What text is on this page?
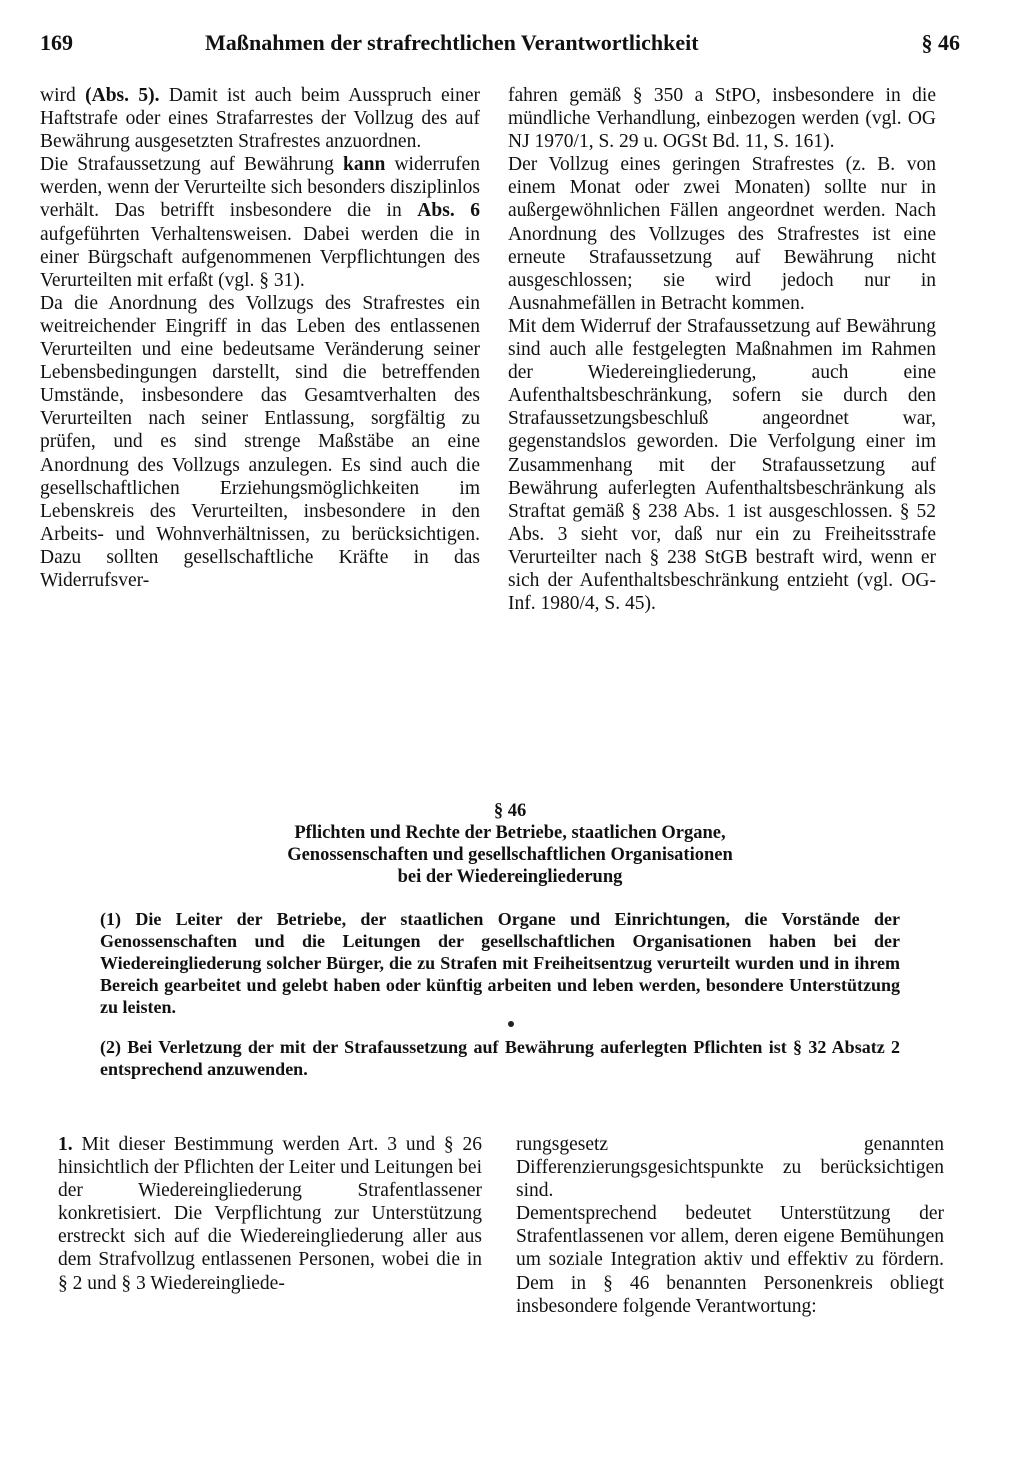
169	Maßnahmen der strafrechtlichen Verantwortlichkeit	§ 46

wird (Abs. 5). Damit ist auch beim Ausspruch einer Haftstrafe oder eines Strafarrestes der Vollzug des auf Bewährung ausgesetzten Strafrestes anzuordnen.

Die Strafaussetzung auf Bewährung kann widerrufen werden, wenn der Verurteilte sich besonders disziplinlos verhält. Das betrifft insbesondere die in Abs. 6 aufgeführten Verhaltensweisen. Dabei werden die in einer Bürgschaft aufgenommenen Verpflichtungen des Verurteilten mit erfaßt (vgl. § 31).

Da die Anordnung des Vollzugs des Strafrestes ein weitreichender Eingriff in das Leben des entlassenen Verurteilten und eine bedeutsame Veränderung seiner Lebensbedingungen darstellt, sind die betreffenden Umstände, insbesondere das Gesamtverhalten des Verurteilten nach seiner Entlassung, sorgfältig zu prüfen, und es sind strenge Maßstäbe an eine Anordnung des Vollzugs anzulegen. Es sind auch die gesellschaftlichen Erziehungsmöglichkeiten im Lebenskreis des Verurteilten, insbesondere in den Arbeits- und Wohnverhältnissen, zu berücksichtigen. Dazu sollten gesellschaftliche Kräfte in das Widerrufsver-

fahren gemäß § 350 a StPO, insbesondere in die mündliche Verhandlung, einbezogen werden (vgl. OG NJ 1970/1, S. 29 u. OGSt Bd. 11, S. 161).

Der Vollzug eines geringen Strafrestes (z. B. von einem Monat oder zwei Monaten) sollte nur in außergewöhnlichen Fällen angeordnet werden. Nach Anordnung des Vollzuges des Strafrestes ist eine erneute Strafaussetzung auf Bewährung nicht ausgeschlossen; sie wird jedoch nur in Ausnahmefällen in Betracht kommen.

Mit dem Widerruf der Strafaussetzung auf Bewährung sind auch alle festgelegten Maßnahmen im Rahmen der Wiedereingliederung, auch eine Aufenthaltsbeschränkung, sofern sie durch den Strafaussetzungsbeschluß angeordnet war, gegenstandslos geworden. Die Verfolgung einer im Zusammenhang mit der Strafaussetzung auf Bewährung auferlegten Aufenthaltsbeschränkung als Straftat gemäß § 238 Abs. 1 ist ausgeschlossen. § 52 Abs. 3 sieht vor, daß nur ein zu Freiheitsstrafe Verurteilter nach § 238 StGB bestraft wird, wenn er sich der Aufenthaltsbeschränkung entzieht (vgl. OG-Inf. 1980/4, S. 45).

§ 46
Pflichten und Rechte der Betriebe, staatlichen Organe,
Genossenschaften und gesellschaftlichen Organisationen
bei der Wiedereingliederung

(1) Die Leiter der Betriebe, der staatlichen Organe und Einrichtungen, die Vorstände der Genossenschaften und die Leitungen der gesellschaftlichen Organisationen haben bei der Wiedereingliederung solcher Bürger, die zu Strafen mit Freiheitsentzug verurteilt wurden und in ihrem Bereich gearbeitet und gelebt haben oder künftig arbeiten und leben werden, besondere Unterstützung zu leisten.

(2) Bei Verletzung der mit der Strafaussetzung auf Bewährung auferlegten Pflichten ist § 32 Absatz 2 entsprechend anzuwenden.

1. Mit dieser Bestimmung werden Art. 3 und § 26 hinsichtlich der Pflichten der Leiter und Leitungen bei der Wiedereingliederung Strafentlassener konkretisiert. Die Verpflichtung zur Unterstützung erstreckt sich auf die Wiedereingliederung aller aus dem Strafvollzug entlassenen Personen, wobei die in § 2 und § 3 Wiedereingliede-

rungsgesetz genannten Differenzierungsgesichtspunkte zu berücksichtigen sind.

Dementsprechend bedeutet Unterstützung der Strafentlassenen vor allem, deren eigene Bemühungen um soziale Integration aktiv und effektiv zu fördern. Dem in § 46 benannten Personenkreis obliegt insbesondere folgende Verantwortung:
